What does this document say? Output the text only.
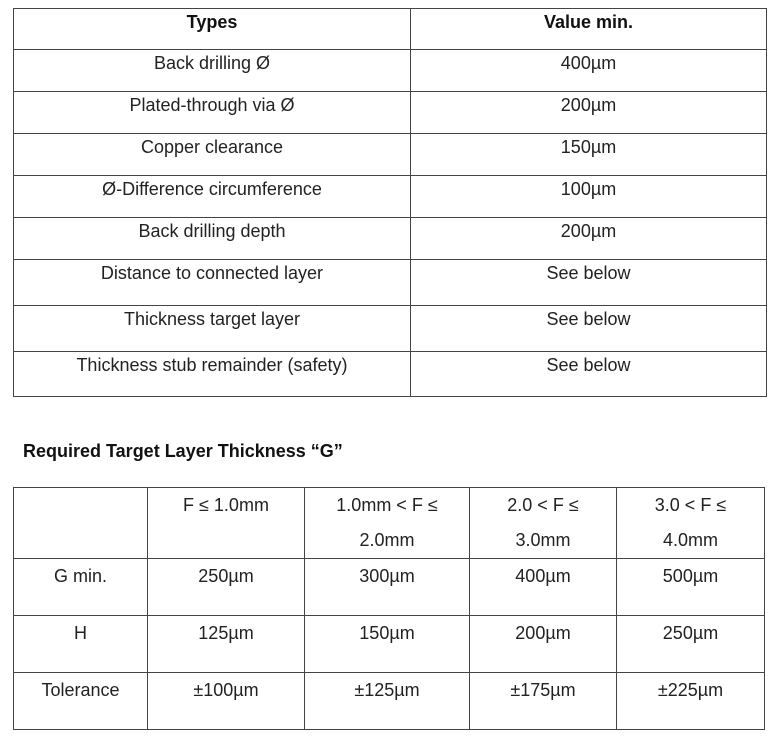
Types	Value min.
Back drilling Ø	400µm
Plated-through via Ø	200µm
Copper clearance	150µm
Ø-Difference circumference	100µm
Back drilling depth	200µm
Distance to connected layer	See below
Thickness target layer	See below
Thickness stub remainder (safety)	See below
Required Target Layer Thickness “G”
	F ≤ 1.0mm	1.0mm < F ≤ 2.0mm	2.0 < F ≤ 3.0mm	3.0 < F ≤ 4.0mm
G min.	250µm	300µm	400µm	500µm
H	125µm	150µm	200µm	250µm
Tolerance	±100µm	±125µm	±175µm	±225µm
